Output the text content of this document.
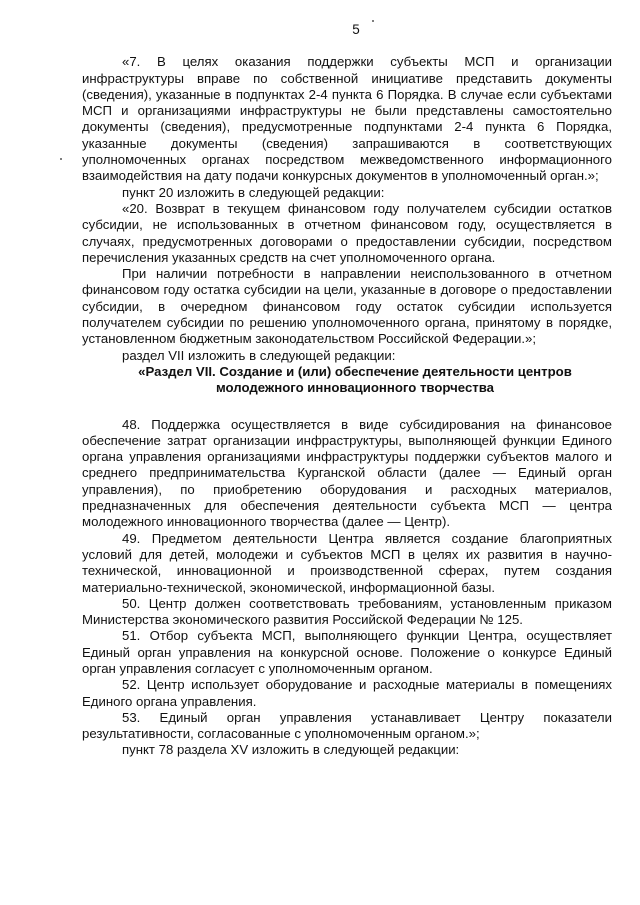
5

«7. В целях оказания поддержки субъекты МСП и организации инфраструктуры вправе по собственной инициативе представить документы (сведения), указанные в подпунктах 2-4 пункта 6 Порядка. В случае если субъектами МСП и организациями инфраструктуры не были представлены самостоятельно документы (сведения), предусмотренные подпунктами 2-4 пункта 6 Порядка, указанные документы (сведения) запрашиваются в соответствующих уполномоченных органах посредством межведомственного информационного взаимодействия на дату подачи конкурсных документов в уполномоченный орган.»;

пункт 20 изложить в следующей редакции:

«20. Возврат в текущем финансовом году получателем субсидии остатков субсидии, не использованных в отчетном финансовом году, осуществляется в случаях, предусмотренных договорами о предоставлении субсидии, посредством перечисления указанных средств на счет уполномоченного органа.

При наличии потребности в направлении неиспользованного в отчетном финансовом году остатка субсидии на цели, указанные в договоре о предоставлении субсидии, в очередном финансовом году остаток субсидии используется получателем субсидии по решению уполномоченного органа, принятому в порядке, установленном бюджетным законодательством Российской Федерации.»;

раздел VII изложить в следующей редакции:

«Раздел VII. Создание и (или) обеспечение деятельности центров молодежного инновационного творчества

48. Поддержка осуществляется в виде субсидирования на финансовое обеспечение затрат организации инфраструктуры, выполняющей функции Единого органа управления организациями инфраструктуры поддержки субъектов малого и среднего предпринимательства Курганской области (далее — Единый орган управления), по приобретению оборудования и расходных материалов, предназначенных для обеспечения деятельности субъекта МСП — центра молодежного инновационного творчества (далее — Центр).

49. Предметом деятельности Центра является создание благоприятных условий для детей, молодежи и субъектов МСП в целях их развития в научно-технической, инновационной и производственной сферах, путем создания материально-технической, экономической, информационной базы.

50. Центр должен соответствовать требованиям, установленным приказом Министерства экономического развития Российской Федерации № 125.

51. Отбор субъекта МСП, выполняющего функции Центра, осуществляет Единый орган управления на конкурсной основе. Положение о конкурсе Единый орган управления согласует с уполномоченным органом.

52. Центр использует оборудование и расходные материалы в помещениях Единого органа управления.

53. Единый орган управления устанавливает Центру показатели результативности, согласованные с уполномоченным органом.»;

пункт 78 раздела XV изложить в следующей редакции:
